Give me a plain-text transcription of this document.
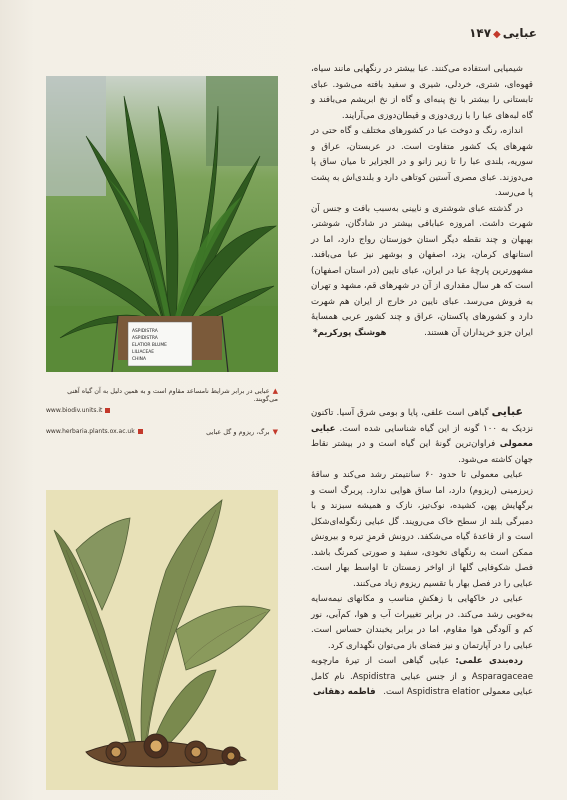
عبایی◆۱۴۷

شیمیایی استفاده می‌کنند. عبا بیشتر در رنگهایی مانند سیاه، قهوه‌ای، شتری، خردلی، شیری و سفید بافته می‌شود. عبای تابستانی را بیشتر با نخ پنبه‌ای و گاه از نخ ابریشم می‌بافند و گاه لبه‌های عبا را با زری‌دوزی و قیطان‌دوزی می‌آرایند.

اندازه، رنگ و دوخت عبا در کشورهای مختلف و گاه حتی در شهرهای یک کشور متفاوت است. در عربستان، عراق و سوریه، بلندی عبا را تا زیر زانو و در الجزایر تا میان ساق پا می‌دوزند. عبای مصری آستین کوتاهی دارد و بلندی‌اش به پشت پا می‌رسد.

در گذشته عبای شوشتری و نایینی به‌سبب بافت و جنس آن شهرت داشت. امروزه عبابافی بیشتر در شادگان، شوشتر، بهبهان و چند نقطه دیگر استان خوزستان رواج دارد، اما در استانهای کرمان، یزد، اصفهان و بوشهر نیز عبا می‌بافند. مشهورترین پارچهٔ عبا در ایران، عبای نایین (در استان اصفهان) است که هر سال مقداری از آن در شهرهای قم، مشهد و تهران به فروش می‌رسد. عبای نایین در خارج از ایران هم شهرت دارد و کشورهای پاکستان، عراق و چند کشور عربی همسایهٔ ایران جزو خریداران آن هستند.
هوشنگ پورکریم*

عبایی گیاهی است علفی، پایا و بومی شرق آسیا. تاکنون نزدیک به ۱۰۰ گونه از این گیاه شناسایی شده است. عبایی معمولی فراوان‌ترین گونهٔ این گیاه است و در بیشتر نقاط جهان کاشته می‌شود.

عبایی معمولی تا حدود ۶۰ سانتیمتر رشد می‌کند و ساقهٔ زیرزمینی (ریزوم) دارد، اما ساق هوایی ندارد. پربرگ است و برگهایش پهن، کشیده، نوک‌تیز، نازک و همیشه سبزند و با دمبرگی بلند از سطح خاک می‌رویند. گل عبایی زنگوله‌ای‌شکل است و از قاعدهٔ گیاه می‌شکفد. درونش قرمزِ تیره و بیرونش ممکن است به رنگهای نخودی، سفید و صورتی کمرنگ باشد. فصل شکوفایی گلها از اواخر زمستان تا اواسط بهار است. عبایی را در فصل بهار با تقسیم ریزوم زیاد می‌کنند.

عبایی در خاکهایی با زهکشِ مناسب و مکانهای نیمه‌سایه به‌خوبی رشد می‌کند. در برابر تغییرات آب و هوا، کم‌آبی، نور کم و آلودگی هوا مقاوم، اما در برابر یخبندان حساس است. عبایی را در آپارتمان و نیز فضای باز می‌توان نگهداری کرد.

رده‌بندی علمی: عبایی گیاهی است از تیرهٔ مارچوبه Asparagaceae و از جنس عبایی Aspidistra. نام کامل عبایی معمولی Aspidistra elatior است.
فاطمه دهقانی

ASPIDISTRA
ASPIDISTRA
ELATIOR BLUME
LILIACEAE
CHINA
▲عبایی در برابر شرایط نامساعد مقاوم است و به همین دلیل به آن گیاه آهنی می‌گویند.
www.biodiv.units.it
www.herbaria.plants.ox.ac.uk	▼برگ، ریزوم و گل عبایی
